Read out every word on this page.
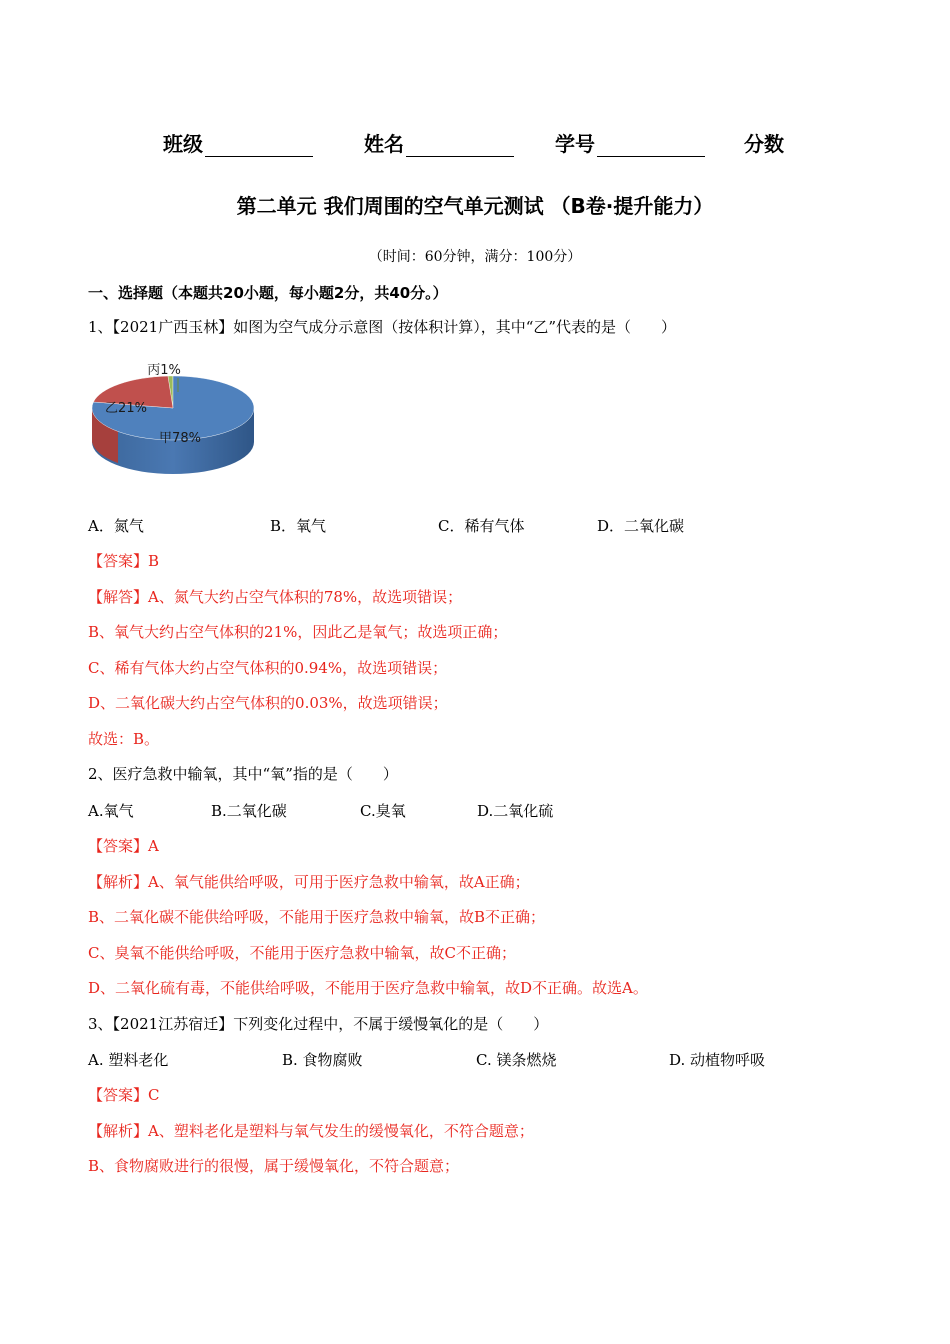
班级	姓名	学号	分数
第二单元 我们周围的空气单元测试 （B卷·提升能力）
（时间：60分钟，满分：100分）
一、选择题（本题共20小题，每小题2分，共40分。）
1、【2021广西玉林】如图为空气成分示意图（按体积计算），其中“乙”代表的是（　　）
甲78%
乙21%
丙1%
A．氮气	B．氧气	C．稀有气体	D．二氧化碳
【答案】B
【解答】A、氮气大约占空气体积的78%，故选项错误；
B、氧气大约占空气体积的21%，因此乙是氧气；故选项正确；
C、稀有气体大约占空气体积的0.94%，故选项错误；
D、二氧化碳大约占空气体积的0.03%，故选项错误；
故选：B。
2、医疗急救中输氧，其中“氧”指的是（　　）
A.氧气	B.二氧化碳	C.臭氧	D.二氧化硫
【答案】A
【解析】A、氧气能供给呼吸，可用于医疗急救中输氧，故A正确；
B、二氧化碳不能供给呼吸，不能用于医疗急救中输氧，故B不正确；
C、臭氧不能供给呼吸，不能用于医疗急救中输氧，故C不正确；
D、二氧化硫有毒，不能供给呼吸，不能用于医疗急救中输氧，故D不正确。故选A。
3、【2021江苏宿迁】下列变化过程中，不属于缓慢氧化的是（　　）
A. 塑料老化	B. 食物腐败	C. 镁条燃烧	D. 动植物呼吸
【答案】C
【解析】A、塑料老化是塑料与氧气发生的缓慢氧化，不符合题意；
B、食物腐败进行的很慢，属于缓慢氧化，不符合题意；
